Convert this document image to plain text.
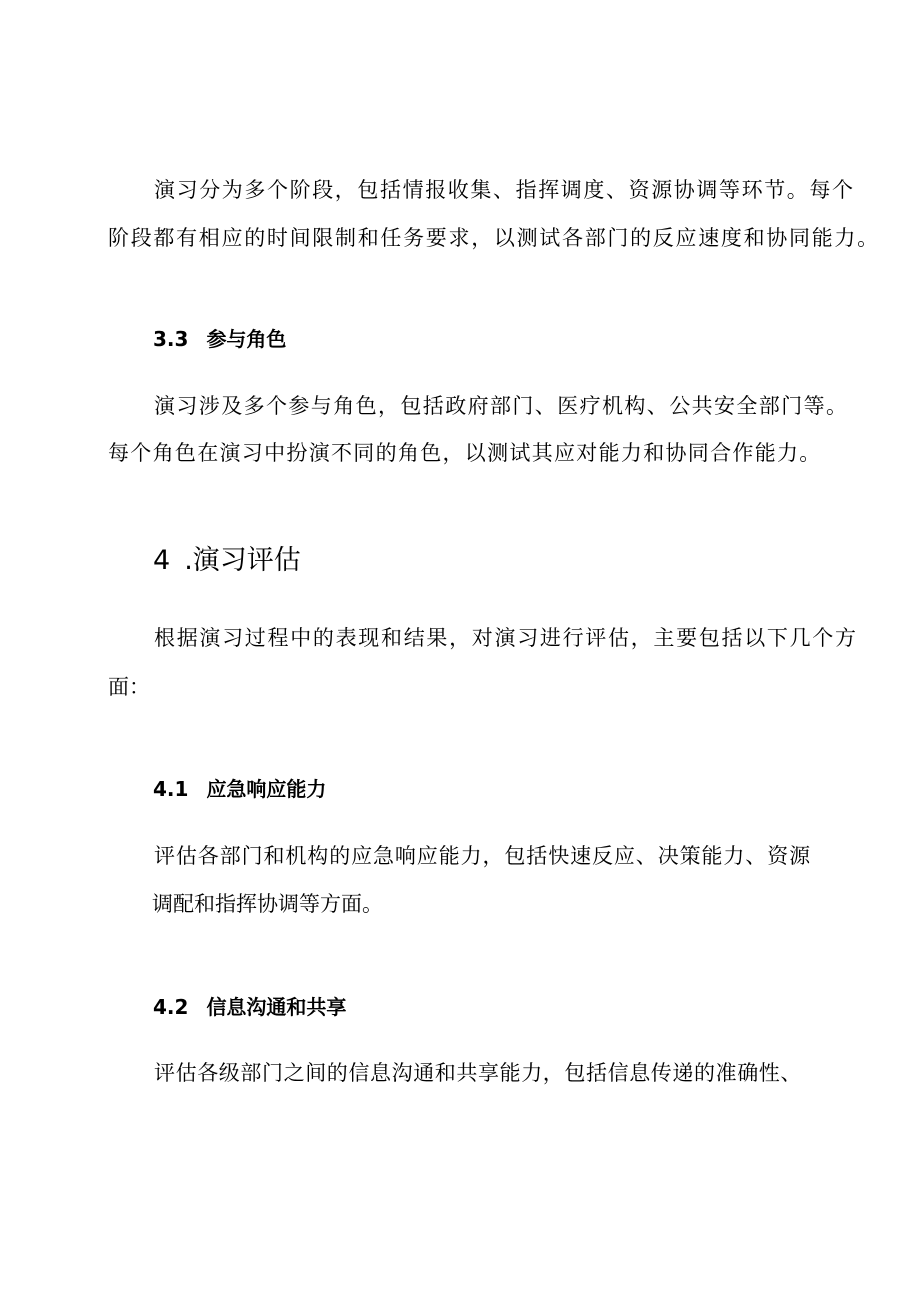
演习分为多个阶段，包括情报收集、指挥调度、资源协调等环节。每个
阶段都有相应的时间限制和任务要求，以测试各部门的反应速度和协同能力。
3.3 参与角色
演习涉及多个参与角色，包括政府部门、医疗机构、公共安全部门等。
每个角色在演习中扮演不同的角色，以测试其应对能力和协同合作能力。
4 .演习评估
根据演习过程中的表现和结果，对演习进行评估，主要包括以下几个方
面：
4.1 应急响应能力
评估各部门和机构的应急响应能力，包括快速反应、决策能力、资源
调配和指挥协调等方面。
4.2 信息沟通和共享
评估各级部门之间的信息沟通和共享能力，包括信息传递的准确性、
